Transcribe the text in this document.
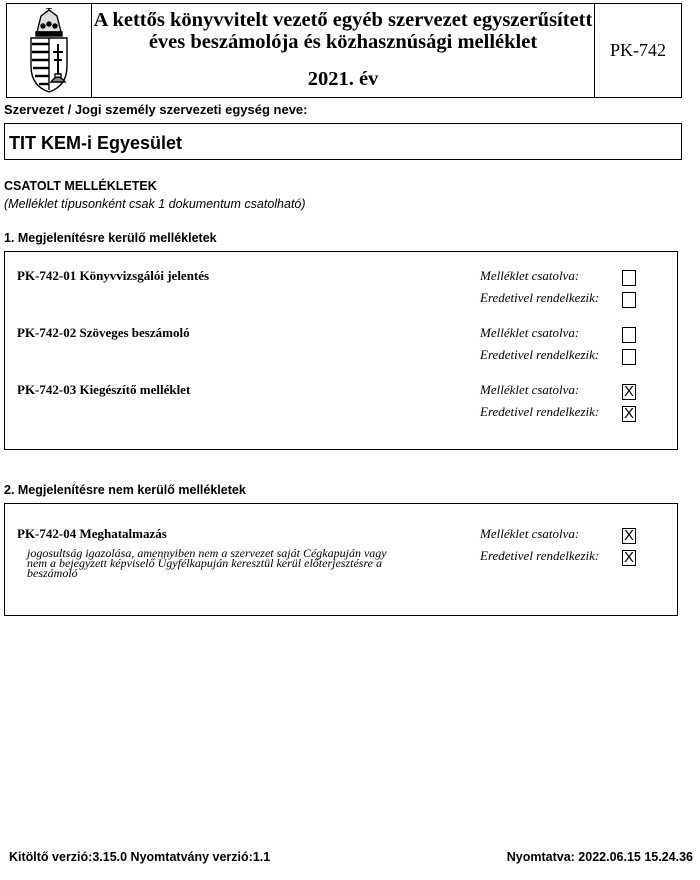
A kettős könyvvitelt vezető egyéb szervezet egyszerűsített
éves beszámolója és közhasznúsági melléklet
2021. év
PK-742
Szervezet / Jogi személy szervezeti egység neve:
TIT KEM-i Egyesület
CSATOLT MELLÉKLETEK
(Melléklet típusonként csak 1 dokumentum csatolható)
1. Megjelenítésre kerülő mellékletek
PK-742-01 Könyvvizsgálói jelentés	Melléklet csatolva:
Eredetivel rendelkezik:
PK-742-02 Szöveges beszámoló	Melléklet csatolva:
Eredetivel rendelkezik:
PK-742-03 Kiegészítő melléklet	Melléklet csatolva:	X
Eredetivel rendelkezik: X
2. Megjelenítésre nem kerülő mellékletek
PK-742-04 Meghatalmazás
jogosultság igazolása, amennyiben nem a szervezet saját Cégkapuján vagy nem a bejegyzett képviselő Ügyfélkapuján keresztül kerül előterjesztésre a beszámoló
Melléklet csatolva:	X
Eredetivel rendelkezik: X
Kitöltő verzió:3.15.0 Nyomtatvány verzió:1.1	Nyomtatva: 2022.06.15 15.24.36
